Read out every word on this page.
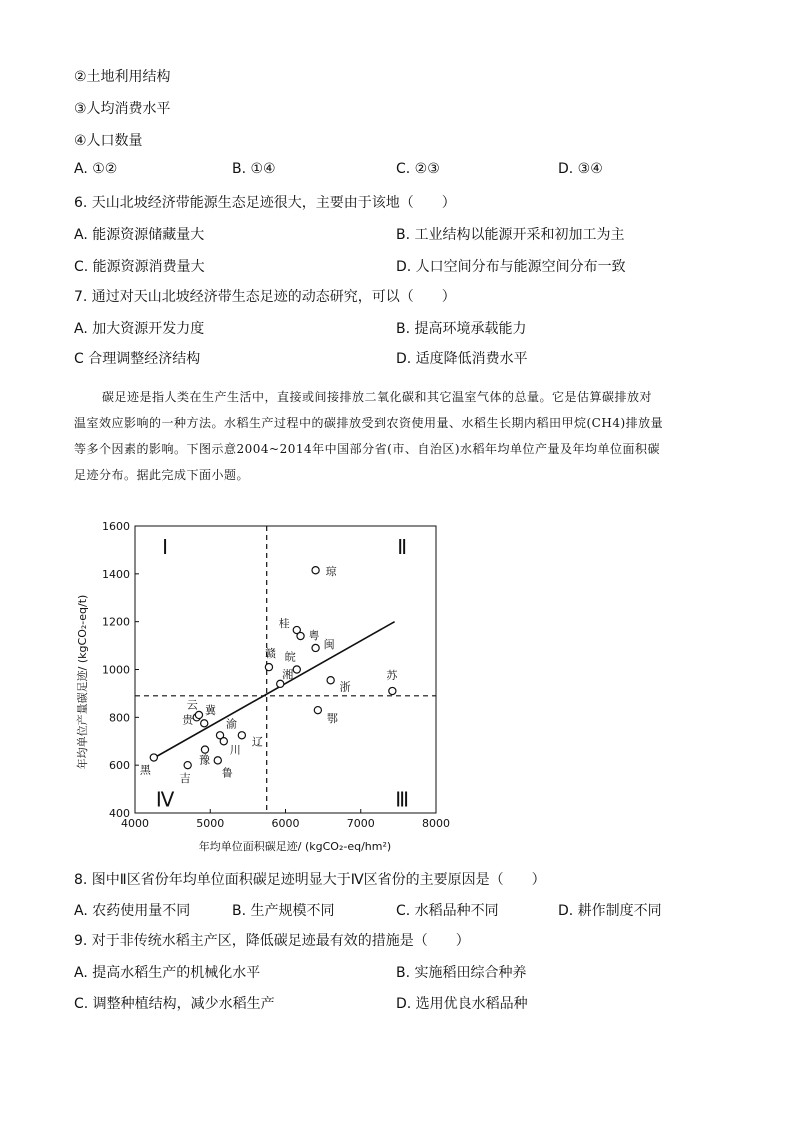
②土地利用结构
③人均消费水平
④人口数量
A. ①②	B. ①④	C. ②③	D. ③④
6. 天山北坡经济带能源生态足迹很大，主要由于该地（　　）
A. 能源资源储藏量大	B. 工业结构以能源开采和初加工为主
C. 能源资源消费量大	D. 人口空间分布与能源空间分布一致
7. 通过对天山北坡经济带生态足迹的动态研究，可以（　　）
A. 加大资源开发力度	B. 提高环境承载能力
C 合理调整经济结构	D. 适度降低消费水平

碳足迹是指人类在生产生活中，直接或间接排放二氧化碳和其它温室气体的总量。它是估算碳排放对

温室效应影响的一种方法。水稻生产过程中的碳排放受到农资使用量、水稻生长期内稻田甲烷(CH4)排放量

等多个因素的影响。下图示意2004~2014年中国部分省(市、自治区)水稻年均单位产量及年均单位面积碳

足迹分布。据此完成下面小题。

Ⅰ	Ⅱ
Ⅲ
Ⅳ
琼
桂
粤
闽
赣 皖
湘
浙
苏
鄂
云 冀
贵	渝
川
辽
豫
鲁
吉
黑
4000	5000	6000	7000	8000
400
600
800
1000
1200
1400
1600
年均单位面积碳足迹/ (kgCO₂-eq/hm²)
年均单位产量碳足迹/ (kgCO₂-eq/t)
8. 图中Ⅱ区省份年均单位面积碳足迹明显大于Ⅳ区省份的主要原因是（　　）
A. 农药使用量不同	B. 生产规模不同	C. 水稻品种不同	D. 耕作制度不同
9. 对于非传统水稻主产区，降低碳足迹最有效的措施是（　　）
A. 提高水稻生产的机械化水平	B. 实施稻田综合种养
C. 调整种植结构，减少水稻生产	D. 选用优良水稻品种
